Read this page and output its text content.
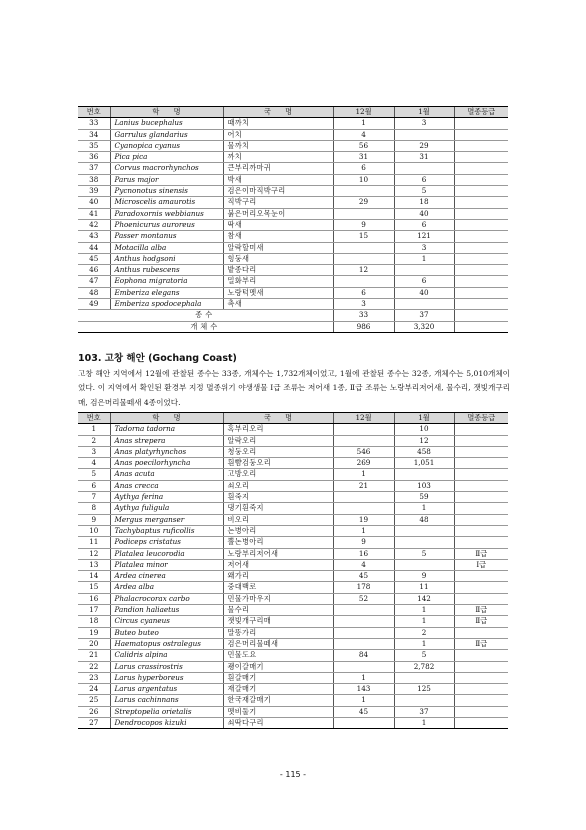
번호	학　　명	국　　명	12월	1월	멸종등급
33	Lanius bucephalus	때까치	1	3	
34	Garrulus glandarius	어치	4		
35	Cyanopica cyanus	물까치	56	29	
36	Pica pica	까치	31	31	
37	Corvus macrorhynchos	큰부리까마귀	6		
38	Parus major	박새	10	6	
39	Pycnonotus sinensis	검은이마직박구리		5	
40	Microscelis amaurotis	직박구리	29	18	
41	Paradoxornis webbianus	붉은머리오목눈이		40	
42	Phoenicurus auroreus	딱새	9	6	
43	Passer montanus	참새	15	121	
44	Motacilla alba	알락할미새		3	
45	Anthus hodgsoni	힝둥새		1	
46	Anthus rubescens	밭종다리	12		
47	Eophona migratoria	밀화부리		6	
48	Emberiza elegans	노랑턱멧새	6	40	
49	Emberiza spodocephala	촉새	3		
종수			33	37	
개체수			986	3,320	
103. 고창 해안 (Gochang Coast)

고창 해안 지역에서 12월에 관찰된 종수는 33종, 개체수는 1,732개체이었고, 1월에 관찰된 종수는 32종, 개체수는 5,010개체이었다. 이 지역에서 확인된 환경부 지정 멸종위기 야생생물 Ⅰ급 조류는 저어새 1종, Ⅱ급 조류는 노랑부리저어새, 물수리, 잿빛개구리매, 검은머리물떼새 4종이었다.

번호	학　　명	국　　명	12월	1월	멸종등급
1	Tadorna tadorna	혹부리오리		10	
2	Anas strepera	알락오리		12	
3	Anas platyrhynchos	청둥오리	546	458	
4	Anas poecilorhyncha	흰뺨검둥오리	269	1,051	
5	Anas acuta	고방오리	1		
6	Anas crecca	쇠오리	21	103	
7	Aythya ferina	흰죽지		59	
8	Aythya fuligula	댕기흰죽지		1	
9	Mergus merganser	비오리	19	48	
10	Tachybaptus ruficollis	논병아리	1		
11	Podiceps cristatus	뿔논병아리	9		
12	Platalea leucorodia	노랑부리저어새	16	5	Ⅱ급
13	Platalea minor	저어새	4		Ⅰ급
14	Ardea cinerea	왜가리	45	9	
15	Ardea alba	중대백로	178	11	
16	Phalacrocorax carbo	민물가마우지	52	142	
17	Pandion haliaetus	물수리		1	Ⅱ급
18	Circus cyaneus	잿빛개구리매		1	Ⅱ급
19	Buteo buteo	말똥가리		2	
20	Haematopus ostralegus	검은머리물떼새		1	Ⅱ급
21	Calidris alpina	민물도요	84	5	
22	Larus crassirostris	괭이갈매기		2,782	
23	Larus hyperboreus	흰갈매기	1		
24	Larus argentatus	재갈매기	143	125	
25	Larus cachinnans	한국재갈매기	1		
26	Streptopelia orietalis	멧비둘기	45	37	
27	Dendrocopos kizuki	쇠딱다구리		1	
- 115 -
